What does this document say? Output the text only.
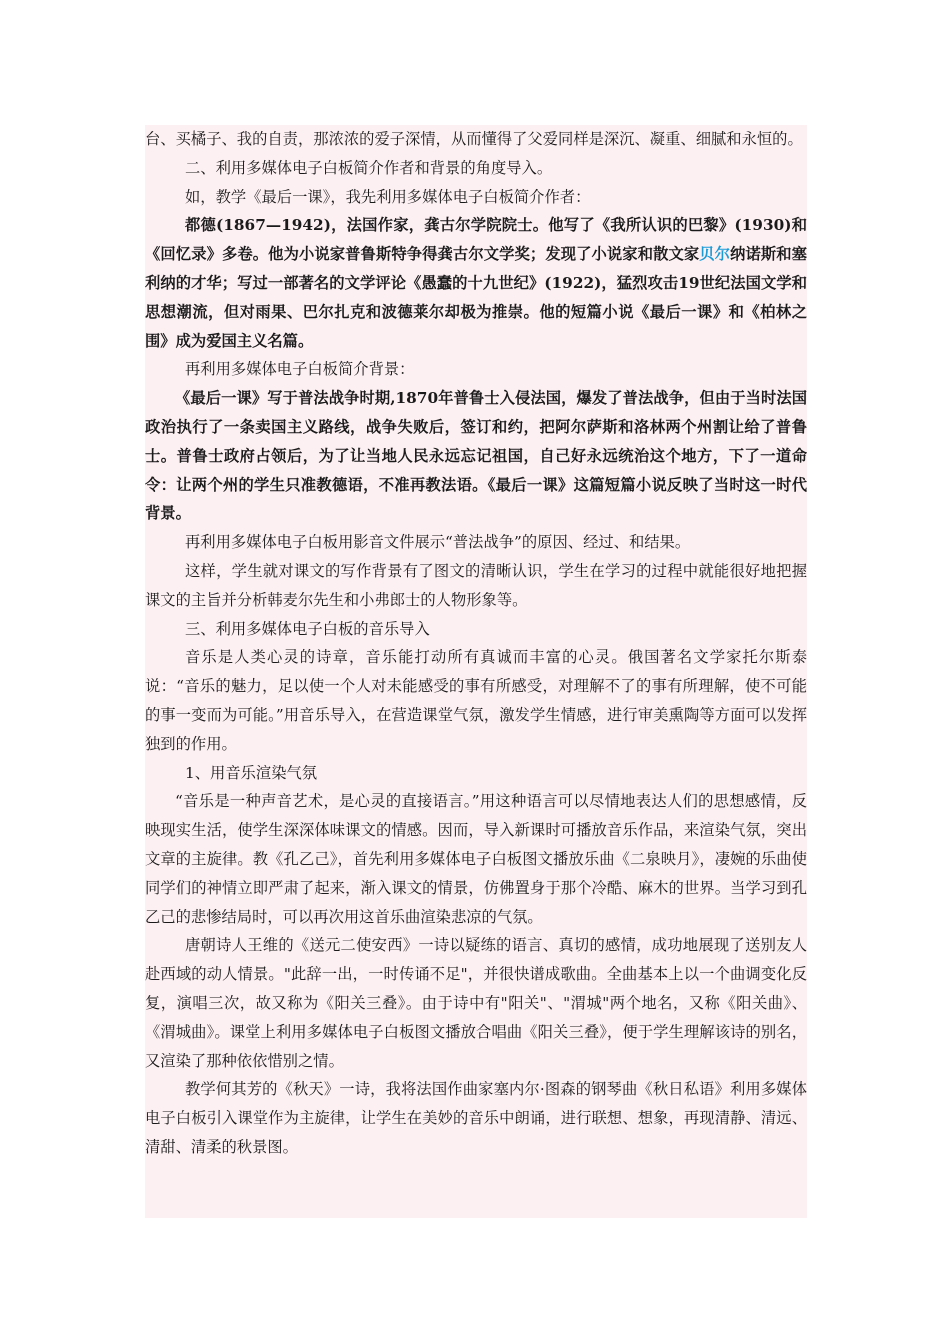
台、买橘子、我的自责，那浓浓的爱子深情，从而懂得了父爱同样是深沉、凝重、细腻和永恒的。

二、利用多媒体电子白板简介作者和背景的角度导入。

如，教学《最后一课》，我先利用多媒体电子白板简介作者：

都德(1867—1942)，法国作家，龚古尔学院院士。他写了《我所认识的巴黎》(1930)和《回忆录》多卷。他为小说家普鲁斯特争得龚古尔文学奖；发现了小说家和散文家贝尔纳诺斯和塞利纳的才华；写过一部著名的文学评论《愚蠢的十九世纪》(1922)，猛烈攻击19世纪法国文学和思想潮流，但对雨果、巴尔扎克和波德莱尔却极为推崇。他的短篇小说《最后一课》和《柏林之围》成为爱国主义名篇。

再利用多媒体电子白板简介背景：

《最后一课》写于普法战争时期,1870年普鲁士入侵法国，爆发了普法战争，但由于当时法国政治执行了一条卖国主义路线，战争失败后，签订和约，把阿尔萨斯和洛林两个州割让给了普鲁士。普鲁士政府占领后，为了让当地人民永远忘记祖国，自己好永远统治这个地方，下了一道命令：让两个州的学生只准教德语，不准再教法语。《最后一课》这篇短篇小说反映了当时这一时代背景。

再利用多媒体电子白板用影音文件展示“普法战争”的原因、经过、和结果。

这样，学生就对课文的写作背景有了图文的清晰认识，学生在学习的过程中就能很好地把握课文的主旨并分析韩麦尔先生和小弗郎士的人物形象等。

三、利用多媒体电子白板的音乐导入

音乐是人类心灵的诗章，音乐能打动所有真诚而丰富的心灵。俄国著名文学家托尔斯泰说：“音乐的魅力，足以使一个人对未能感受的事有所感受，对理解不了的事有所理解，使不可能的事一变而为可能。”用音乐导入，在营造课堂气氛，激发学生情感，进行审美熏陶等方面可以发挥独到的作用。

1、用音乐渲染气氛

“音乐是一种声音艺术，是心灵的直接语言。”用这种语言可以尽情地表达人们的思想感情，反映现实生活，使学生深深体味课文的情感。因而，导入新课时可播放音乐作品，来渲染气氛，突出文章的主旋律。教《孔乙己》，首先利用多媒体电子白板图文播放乐曲《二泉映月》，凄婉的乐曲使同学们的神情立即严肃了起来，渐入课文的情景，仿佛置身于那个冷酷、麻木的世界。当学习到孔乙己的悲惨结局时，可以再次用这首乐曲渲染悲凉的气氛。

唐朝诗人王维的《送元二使安西》一诗以疑练的语言、真切的感情，成功地展现了送别友人赴西域的动人情景。"此辞一出，一时传诵不足"，并很快谱成歌曲。全曲基本上以一个曲调变化反复，演唱三次，故又称为《阳关三叠》。由于诗中有"阳关"、"渭城"两个地名，又称《阳关曲》、《渭城曲》。课堂上利用多媒体电子白板图文播放合唱曲《阳关三叠》，便于学生理解该诗的别名，又渲染了那种依依惜别之情。

教学何其芳的《秋天》一诗，我将法国作曲家塞内尔·图森的钢琴曲《秋日私语》利用多媒体电子白板引入课堂作为主旋律，让学生在美妙的音乐中朗诵，进行联想、想象，再现清静、清远、清甜、清柔的秋景图。
